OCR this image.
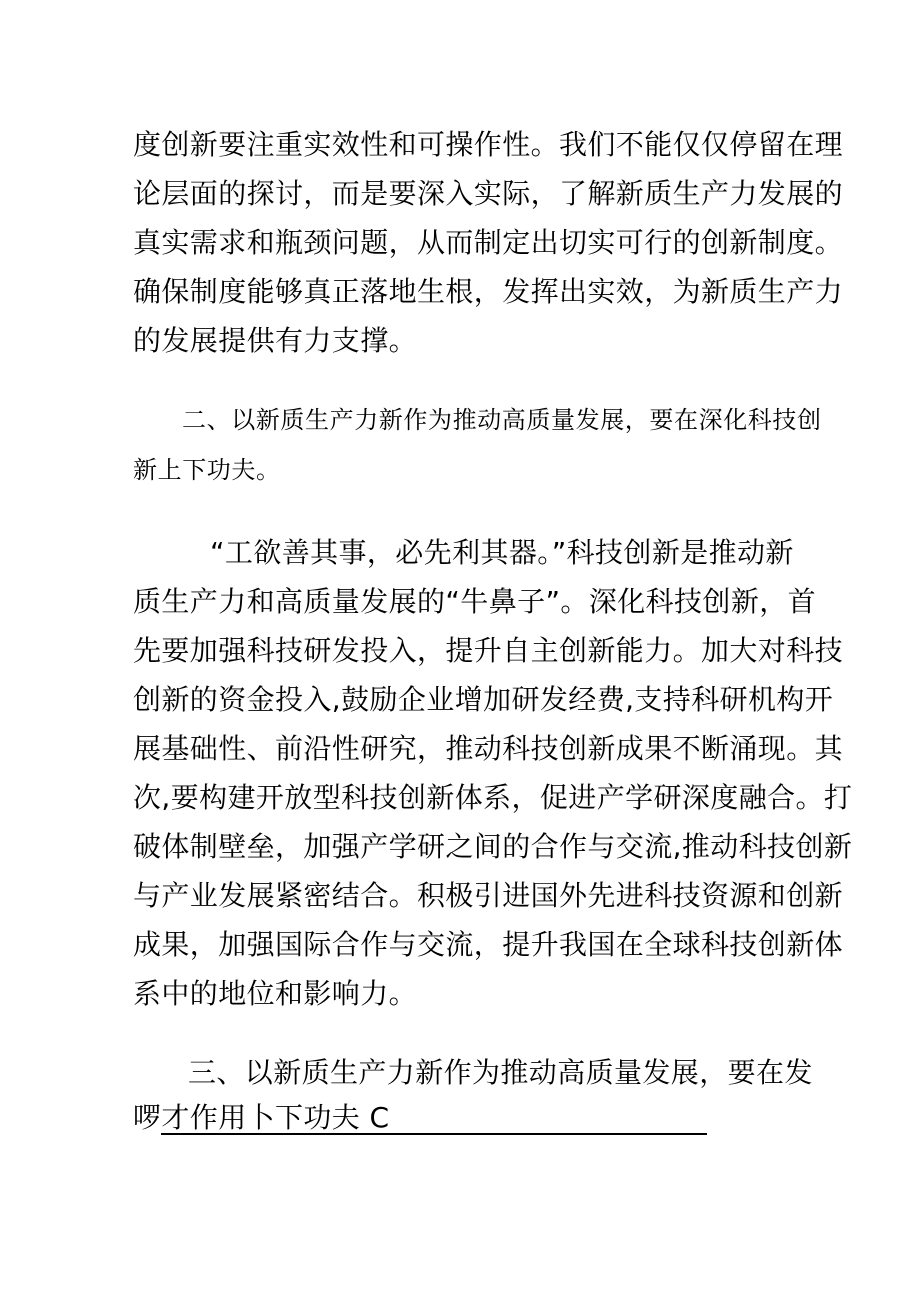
度创新要注重实效性和可操作性。我们不能仅仅停留在理
论层面的探讨，而是要深入实际，了解新质生产力发展的
真实需求和瓶颈问题，从而制定出切实可行的创新制度。
确保制度能够真正落地生根，发挥出实效，为新质生产力
的发展提供有力支撑。
二、以新质生产力新作为推动高质量发展，要在深化科技创
新上下功夫。
“工欲善其事，必先利其器。”科技创新是推动新
质生产力和高质量发展的“牛鼻子”。深化科技创新，首
先要加强科技研发投入，提升自主创新能力。加大对科技
创新的资金投入,鼓励企业增加研发经费,支持科研机构开
展基础性、前沿性研究，推动科技创新成果不断涌现。其
次,要构建开放型科技创新体系，促进产学研深度融合。打
破体制壁垒，加强产学研之间的合作与交流,推动科技创新
与产业发展紧密结合。积极引进国外先进科技资源和创新
成果，加强国际合作与交流，提升我国在全球科技创新体
系中的地位和影响力。
三、以新质生产力新作为推动高质量发展，要在发
啰才作用卜下功夫 C
